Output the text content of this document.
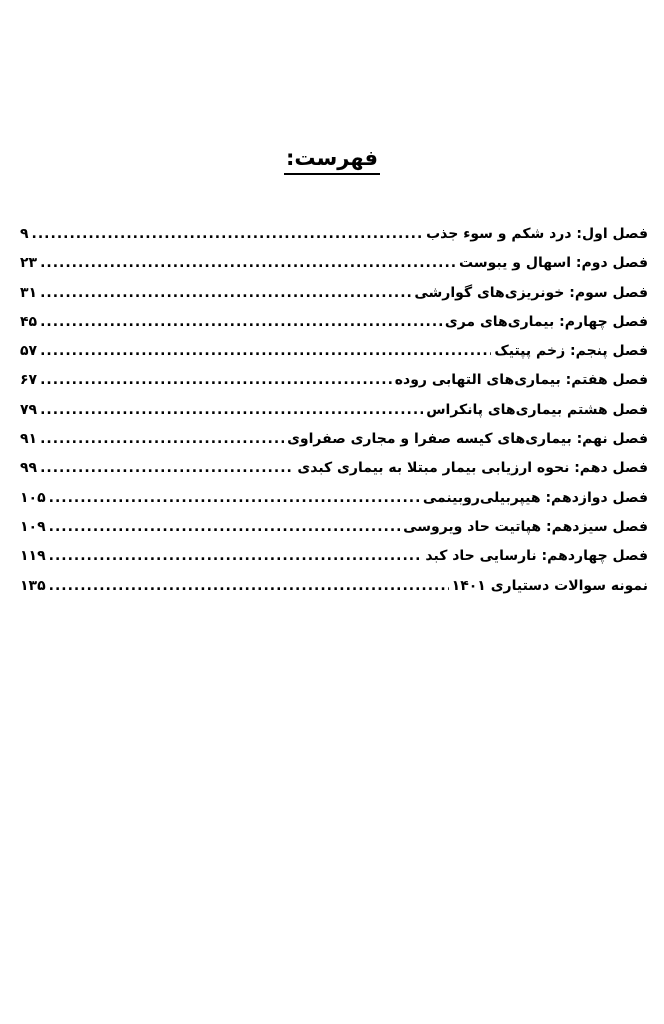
فهرست:
فصل اول: درد شکم و سوء جذب
.....
۹
فصل دوم: اسهال و یبوست
.....
۲۳
فصل سوم: خونریزی‌های گوارشی
.....
۳۱
فصل چهارم: بیماری‌های مری
.....
۴۵
فصل پنجم: زخم پپتیک
.....
۵۷
فصل هفتم: بیماری‌های التهابی روده
.....
۶۷
فصل هشتم بیماری‌های پانکراس
.....
۷۹
فصل نهم: بیماری‌های کیسه صفرا و مجاری صفراوی
.....
۹۱
فصل دهم: نحوه ارزیابی بیمار مبتلا به بیماری کبدی
.....
۹۹
فصل دوازدهم: هیپربیلی‌روبینمی
.....
۱۰۵
فصل سیزدهم: هپاتیت حاد ویروسی
.....
۱۰۹
فصل چهاردهم: نارسایی حاد کبد
.....
۱۱۹
نمونه سوالات دستیاری ۱۴۰۱
.....
۱۳۵
